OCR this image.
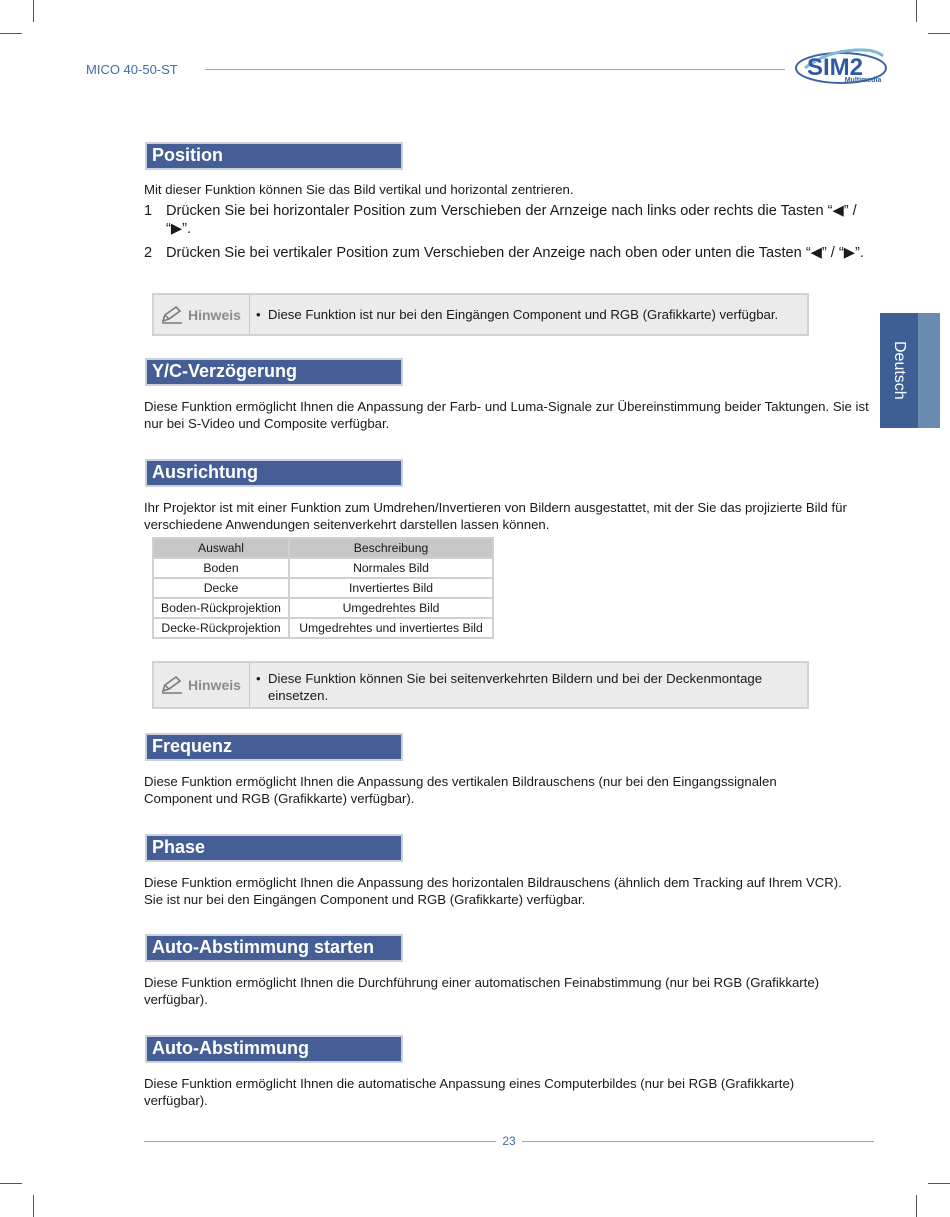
MICO 40-50-ST	SIM2
Multimedia
Deutsch
Position

Mit dieser Funktion können Sie das Bild vertikal und horizontal zentrieren.

1 Drücken Sie bei horizontaler Position zum Verschieben der Arnzeige nach links oder rechts die Tasten “◀” / “▶”.
2 Drücken Sie bei vertikaler Position zum Verschieben der Anzeige nach oben oder unten die Tasten “◀” / “▶”.
Hinweis • Diese Funktion ist nur bei den Eingängen Component und RGB (Grafikkarte) verfügbar.
Y/C-Verzögerung

Diese Funktion ermöglicht Ihnen die Anpassung der Farb- und Luma-Signale zur Übereinstimmung beider Taktungen. Sie ist nur bei S-Video und Composite verfügbar.

Ausrichtung

Ihr Projektor ist mit einer Funktion zum Umdrehen/Invertieren von Bildern ausgestattet, mit der Sie das projizierte Bild für verschiedene Anwendungen seitenverkehrt darstellen lassen können.

Auswahl	Beschreibung
Boden	Normales Bild
Decke	Invertiertes Bild
Boden-Rückprojektion	Umgedrehtes Bild
Decke-Rückprojektion	Umgedrehtes und invertiertes Bild
Hinweis • Diese Funktion können Sie bei seitenverkehrten Bildern und bei der Deckenmontage einsetzen.
Frequenz

Diese Funktion ermöglicht Ihnen die Anpassung des vertikalen Bildrauschens (nur bei den Eingangssignalen Component und RGB (Grafikkarte) verfügbar).

Phase

Diese Funktion ermöglicht Ihnen die Anpassung des horizontalen Bildrauschens (ähnlich dem Tracking auf Ihrem VCR). Sie ist nur bei den Eingängen Component und RGB (Grafikkarte) verfügbar.

Auto-Abstimmung starten

Diese Funktion ermöglicht Ihnen die Durchführung einer automatischen Feinabstimmung (nur bei RGB (Grafikkarte) verfügbar).

Auto-Abstimmung

Diese Funktion ermöglicht Ihnen die automatische Anpassung eines Computerbildes (nur bei RGB (Grafikkarte) verfügbar).

23
